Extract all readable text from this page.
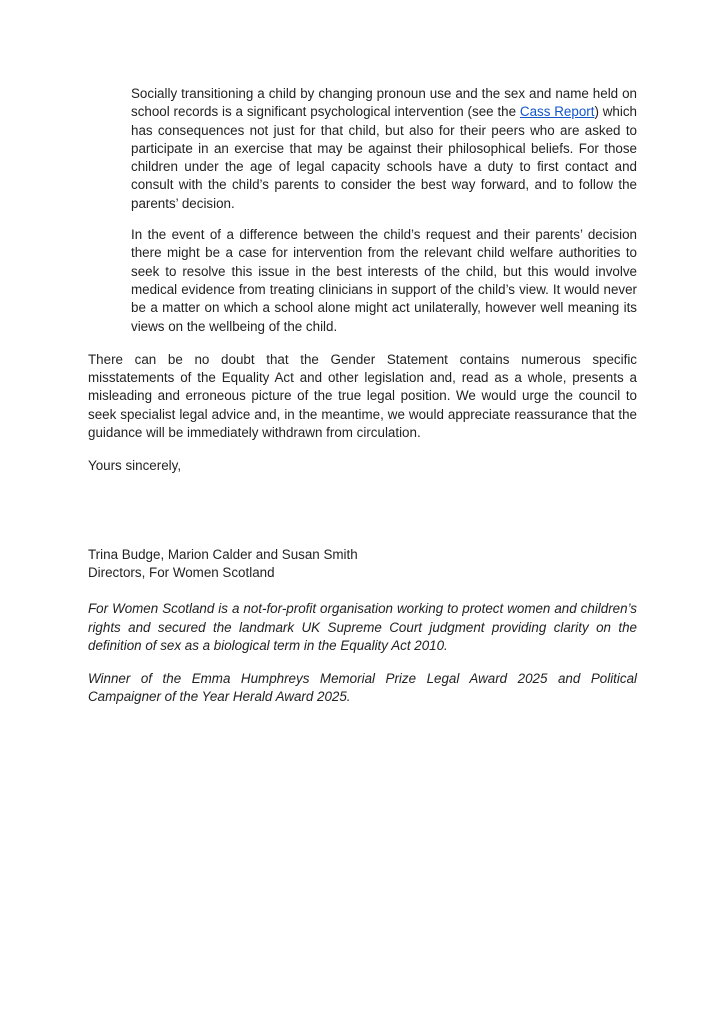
Socially transitioning a child by changing pronoun use and the sex and name held on school records is a significant psychological intervention (see the Cass Report) which has consequences not just for that child, but also for their peers who are asked to participate in an exercise that may be against their philosophical beliefs. For those children under the age of legal capacity schools have a duty to first contact and consult with the child’s parents to consider the best way forward, and to follow the parents’ decision.

In the event of a difference between the child’s request and their parents’ decision there might be a case for intervention from the relevant child welfare authorities to seek to resolve this issue in the best interests of the child, but this would involve medical evidence from treating clinicians in support of the child’s view. It would never be a matter on which a school alone might act unilaterally, however well meaning its views on the wellbeing of the child.

There can be no doubt that the Gender Statement contains numerous specific misstatements of the Equality Act and other legislation and, read as a whole, presents a misleading and erroneous picture of the true legal position. We would urge the council to seek specialist legal advice and, in the meantime, we would appreciate reassurance that the guidance will be immediately withdrawn from circulation.

Yours sincerely,

Trina Budge, Marion Calder and Susan Smith

Directors, For Women Scotland

For Women Scotland is a not-for-profit organisation working to protect women and children’s rights and secured the landmark UK Supreme Court judgment providing clarity on the definition of sex as a biological term in the Equality Act 2010.

Winner of the Emma Humphreys Memorial Prize Legal Award 2025 and Political Campaigner of the Year Herald Award 2025.
